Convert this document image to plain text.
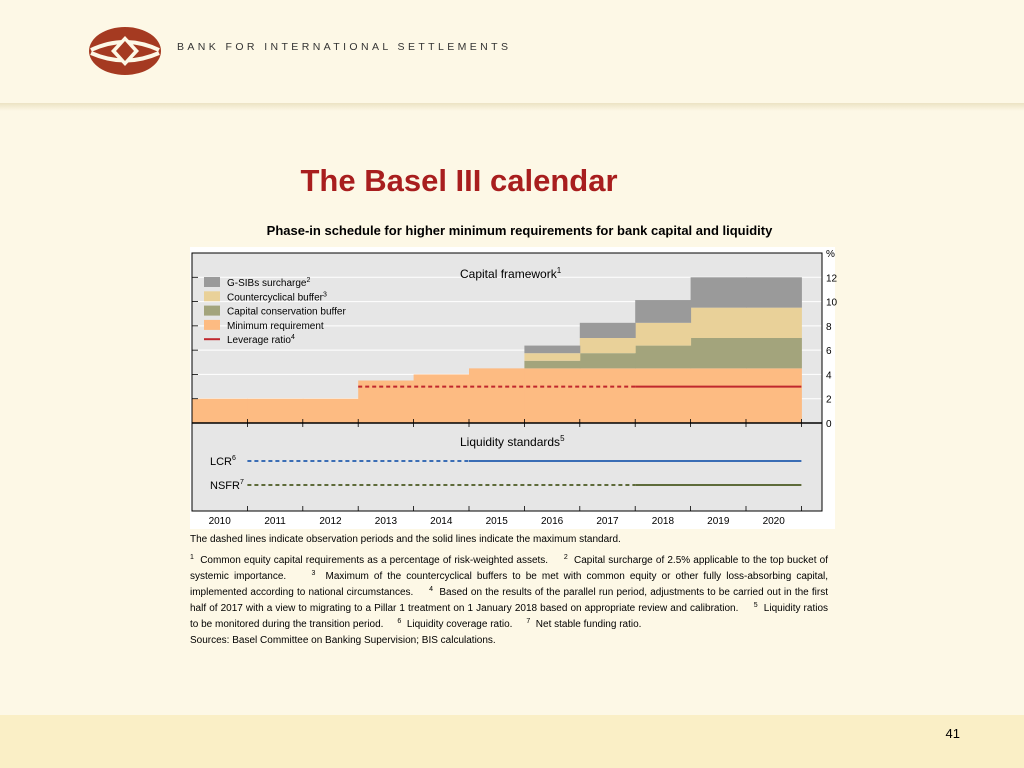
BANK FOR INTERNATIONAL SETTLEMENTS
The Basel III calendar
Phase-in schedule for higher minimum requirements for bank capital and liquidity
LCR$^6$
NSFR$^7$
%
0
2
4
6
8
10
12
2010	2011	2012	2013	2014	2015	2016	2017	2018	2019	2020
Capital framework$^1$
Liquidity standards$^5$
G-SIBs surcharge$^2$
Countercyclical buffer$^3$
Capital conservation buffer
Minimum requirement
Leverage ratio$^4$
The dashed lines indicate observation periods and the solid lines indicate the maximum standard.
$^1$  Common equity capital requirements as a percentage of risk-weighted assets.     $^2$  Capital surcharge of 2.5% applicable to the top bucket of systemic importance.     $^3$  Maximum of the countercyclical buffers to be met with common equity or other fully loss-absorbing capital, implemented according to national circumstances.     $^4$  Based on the results of the parallel run period, adjustments to be carried out in the first half of 2017 with a view to migrating to a Pillar 1 treatment on 1 January 2018 based on appropriate review and calibration.     $^5$  Liquidity ratios to be monitored during the transition period.     $^6$  Liquidity coverage ratio.     $^7$  Net stable funding ratio.
Sources: Basel Committee on Banking Supervision; BIS calculations.
41
